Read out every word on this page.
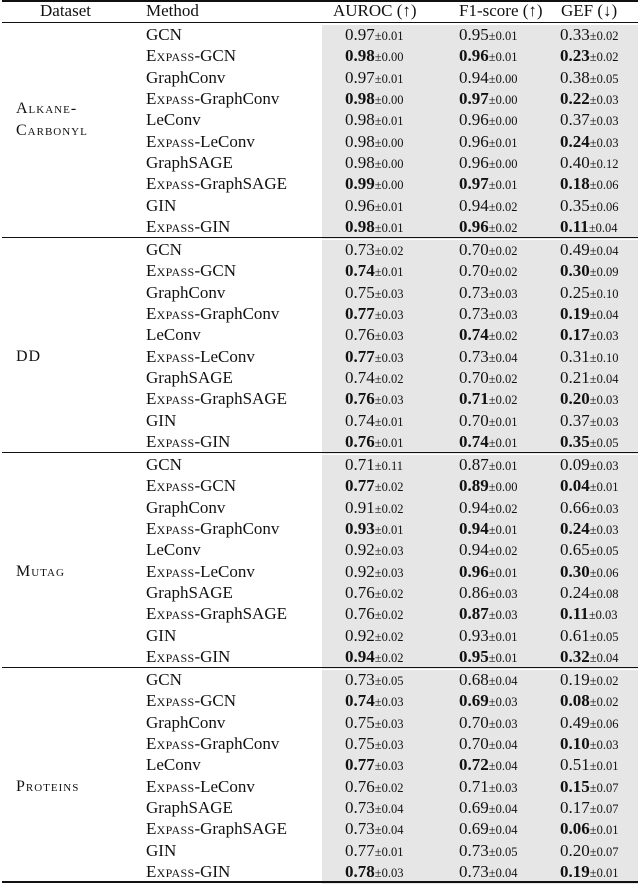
Dataset	Method	AUROC (↑) F1-score (↑) GEF (↓)
Alkane-
Carbonyl
GCN	0.97±0.01	0.95±0.01	0.33±0.02
Expass-GCN	0.98±0.00	0.96±0.01	0.23±0.02
GraphConv	0.97±0.01	0.94±0.00	0.38±0.05
Expass-GraphConv	0.98±0.00	0.97±0.00	0.22±0.03
LeConv	0.98±0.01	0.96±0.00	0.37±0.03
Expass-LeConv	0.98±0.00	0.96±0.01	0.24±0.03
GraphSAGE	0.98±0.00	0.96±0.00	0.40±0.12
Expass-GraphSAGE	0.99±0.00	0.97±0.01	0.18±0.06
GIN	0.96±0.01	0.94±0.02	0.35±0.06
Expass-GIN	0.98±0.01	0.96±0.02	0.11±0.04
DD
GCN	0.73±0.02	0.70±0.02	0.49±0.04
Expass-GCN	0.74±0.01	0.70±0.02	0.30±0.09
GraphConv	0.75±0.03	0.73±0.03	0.25±0.10
Expass-GraphConv	0.77±0.03	0.73±0.03	0.19±0.04
LeConv	0.76±0.03	0.74±0.02	0.17±0.03
Expass-LeConv	0.77±0.03	0.73±0.04	0.31±0.10
GraphSAGE	0.74±0.02	0.70±0.02	0.21±0.04
Expass-GraphSAGE	0.76±0.03	0.71±0.02	0.20±0.03
GIN	0.74±0.01	0.70±0.01	0.37±0.03
Expass-GIN	0.76±0.01	0.74±0.01	0.35±0.05
Mutag
GCN	0.71±0.11	0.87±0.01	0.09±0.03
Expass-GCN	0.77±0.02	0.89±0.00	0.04±0.01
GraphConv	0.91±0.02	0.94±0.02	0.66±0.03
Expass-GraphConv	0.93±0.01	0.94±0.01	0.24±0.03
LeConv	0.92±0.03	0.94±0.02	0.65±0.05
Expass-LeConv	0.92±0.03	0.96±0.01	0.30±0.06
GraphSAGE	0.76±0.02	0.86±0.03	0.24±0.08
Expass-GraphSAGE	0.76±0.02	0.87±0.03	0.11±0.03
GIN	0.92±0.02	0.93±0.01	0.61±0.05
Expass-GIN	0.94±0.02	0.95±0.01	0.32±0.04
Proteins
GCN	0.73±0.05	0.68±0.04	0.19±0.02
Expass-GCN	0.74±0.03	0.69±0.03	0.08±0.02
GraphConv	0.75±0.03	0.70±0.03	0.49±0.06
Expass-GraphConv	0.75±0.03	0.70±0.04	0.10±0.03
LeConv	0.77±0.03	0.72±0.04	0.51±0.01
Expass-LeConv	0.76±0.02	0.71±0.03	0.15±0.07
GraphSAGE	0.73±0.04	0.69±0.04	0.17±0.07
Expass-GraphSAGE	0.73±0.04	0.69±0.04	0.06±0.01
GIN	0.77±0.01	0.73±0.05	0.20±0.07
Expass-GIN	0.78±0.03	0.73±0.04	0.19±0.01
